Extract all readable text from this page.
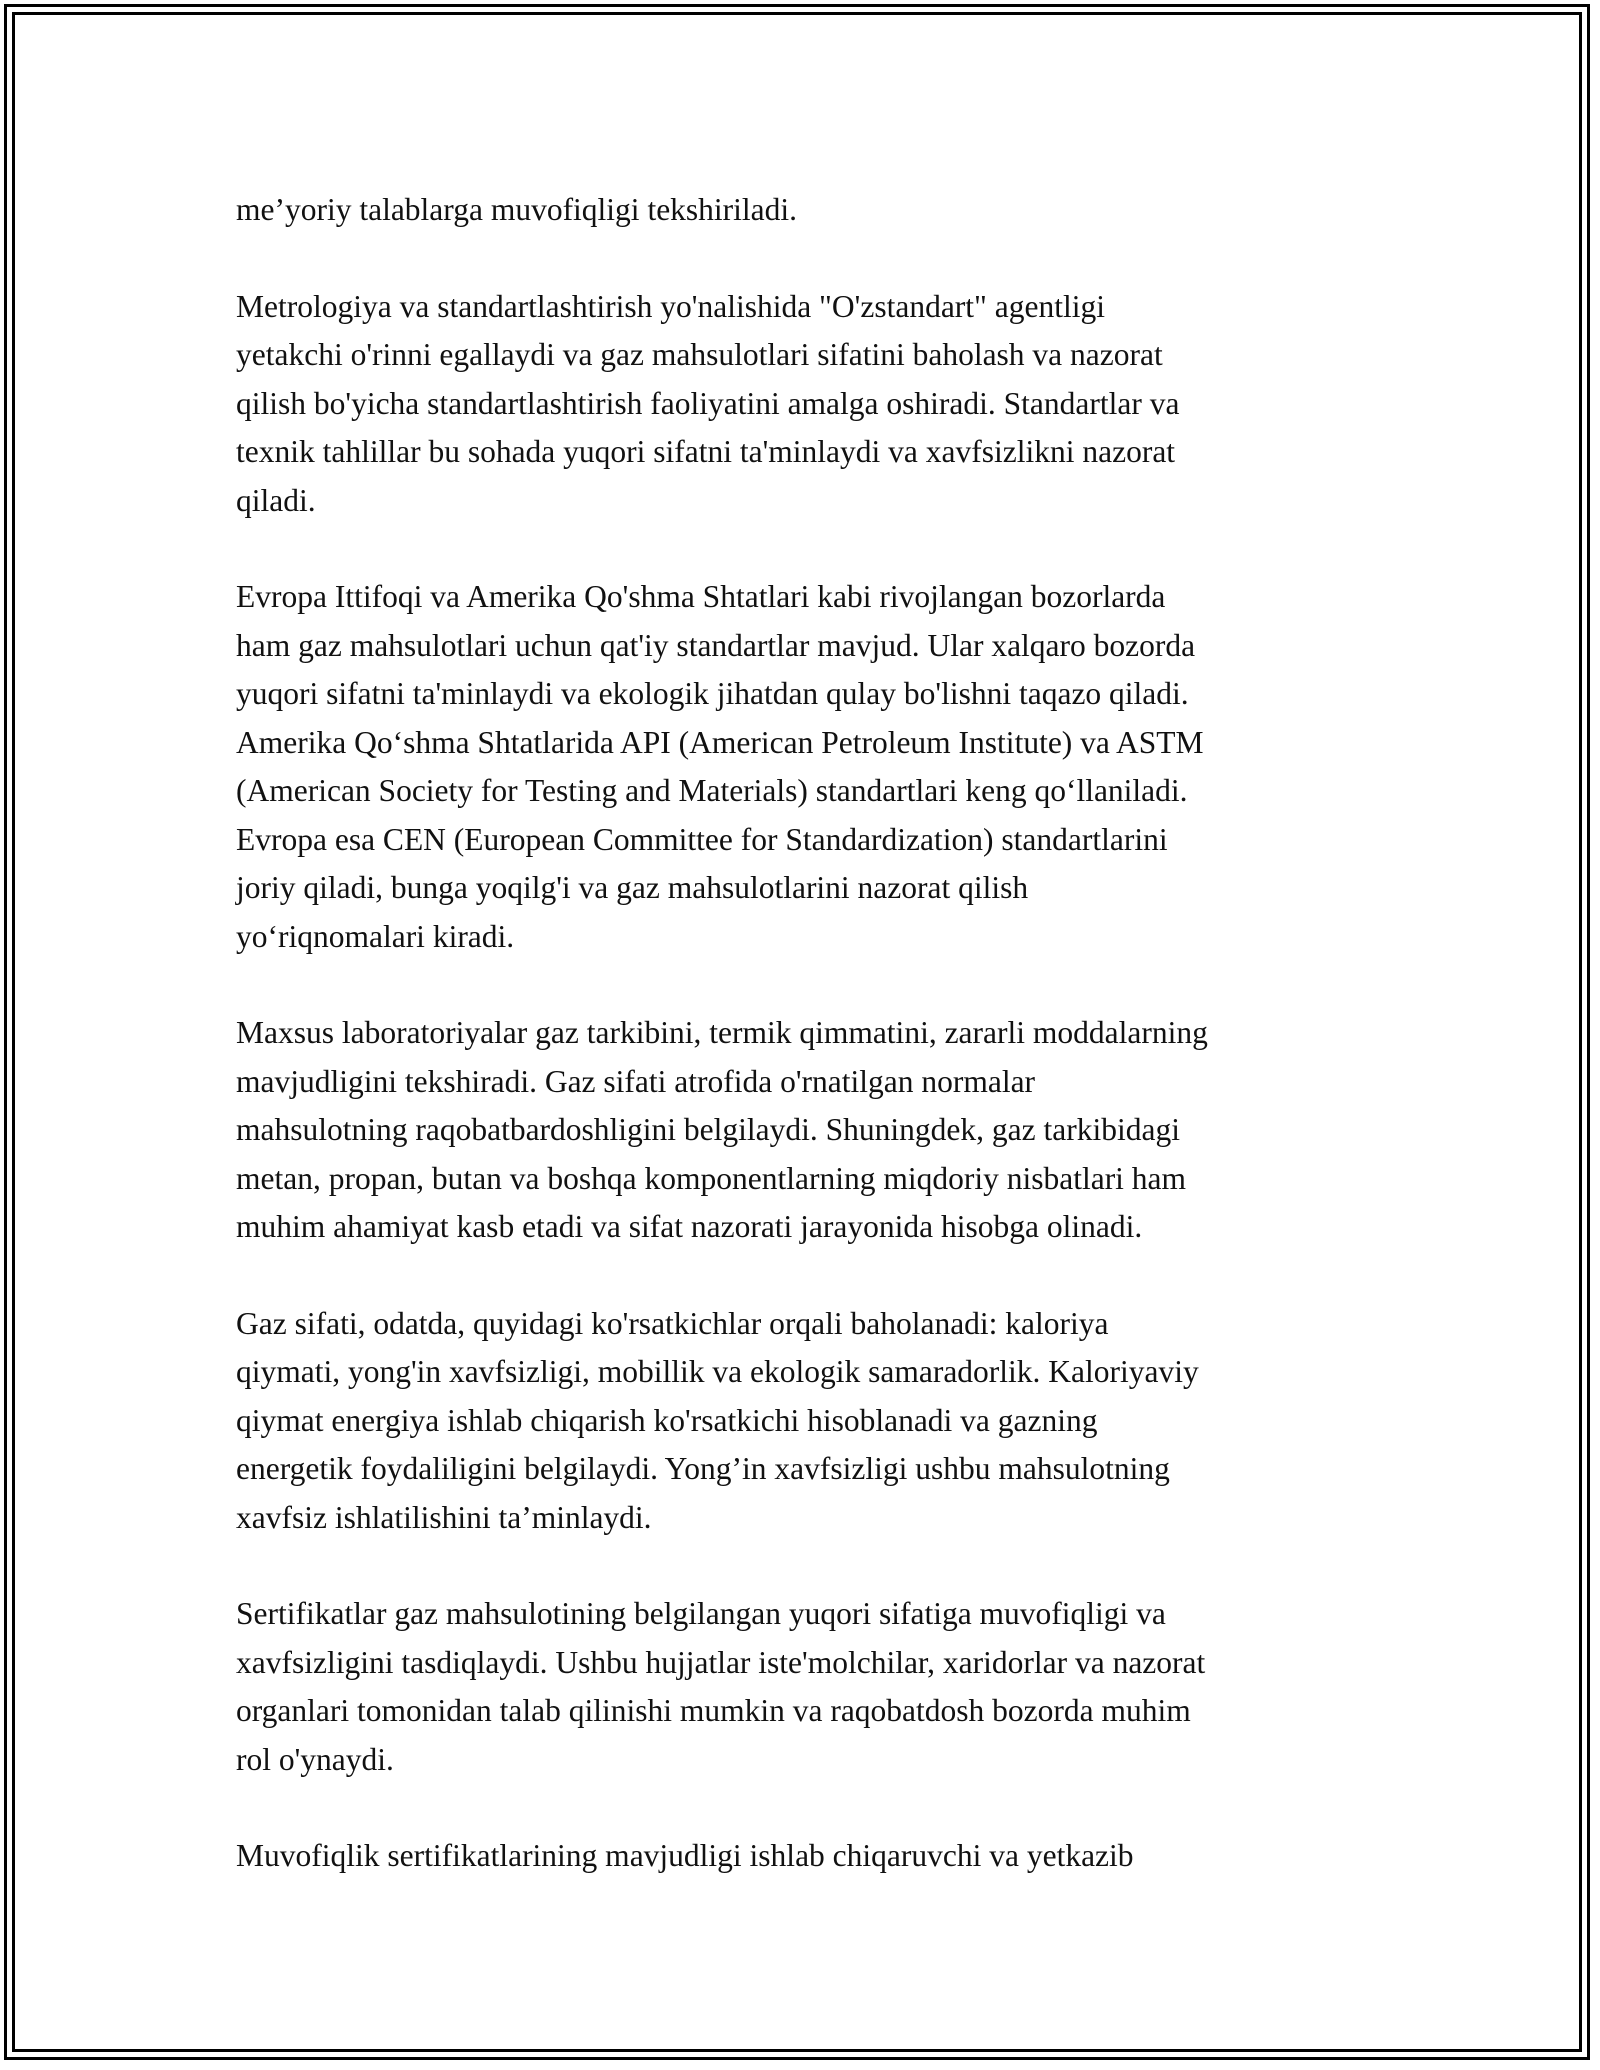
me’yoriy talablarga muvofiqligi tekshiriladi.

Metrologiya va standartlashtirish yo'nalishida "O'zstandart" agentligi
yetakchi o'rinni egallaydi va gaz mahsulotlari sifatini baholash va nazorat
qilish bo'yicha standartlashtirish faoliyatini amalga oshiradi. Standartlar va
texnik tahlillar bu sohada yuqori sifatni ta'minlaydi va xavfsizlikni nazorat
qiladi.

Evropa Ittifoqi va Amerika Qo'shma Shtatlari kabi rivojlangan bozorlarda
ham gaz mahsulotlari uchun qat'iy standartlar mavjud. Ular xalqaro bozorda
yuqori sifatni ta'minlaydi va ekologik jihatdan qulay bo'lishni taqazo qiladi.
Amerika Qo‘shma Shtatlarida API (American Petroleum Institute) va ASTM
(American Society for Testing and Materials) standartlari keng qo‘llaniladi.
Evropa esa CEN (European Committee for Standardization) standartlarini
joriy qiladi, bunga yoqilg'i va gaz mahsulotlarini nazorat qilish
yo‘riqnomalari kiradi.

Maxsus laboratoriyalar gaz tarkibini, termik qimmatini, zararli moddalarning
mavjudligini tekshiradi. Gaz sifati atrofida o'rnatilgan normalar
mahsulotning raqobatbardoshligini belgilaydi. Shuningdek, gaz tarkibidagi
metan, propan, butan va boshqa komponentlarning miqdoriy nisbatlari ham
muhim ahamiyat kasb etadi va sifat nazorati jarayonida hisobga olinadi.

Gaz sifati, odatda, quyidagi ko'rsatkichlar orqali baholanadi: kaloriya
qiymati, yong'in xavfsizligi, mobillik va ekologik samaradorlik. Kaloriyaviy
qiymat energiya ishlab chiqarish ko'rsatkichi hisoblanadi va gazning
energetik foydaliligini belgilaydi. Yong’in xavfsizligi ushbu mahsulotning
xavfsiz ishlatilishini ta’minlaydi.

Sertifikatlar gaz mahsulotining belgilangan yuqori sifatiga muvofiqligi va
xavfsizligini tasdiqlaydi. Ushbu hujjatlar iste'molchilar, xaridorlar va nazorat
organlari tomonidan talab qilinishi mumkin va raqobatdosh bozorda muhim
rol o'ynaydi.

Muvofiqlik sertifikatlarining mavjudligi ishlab chiqaruvchi va yetkazib
